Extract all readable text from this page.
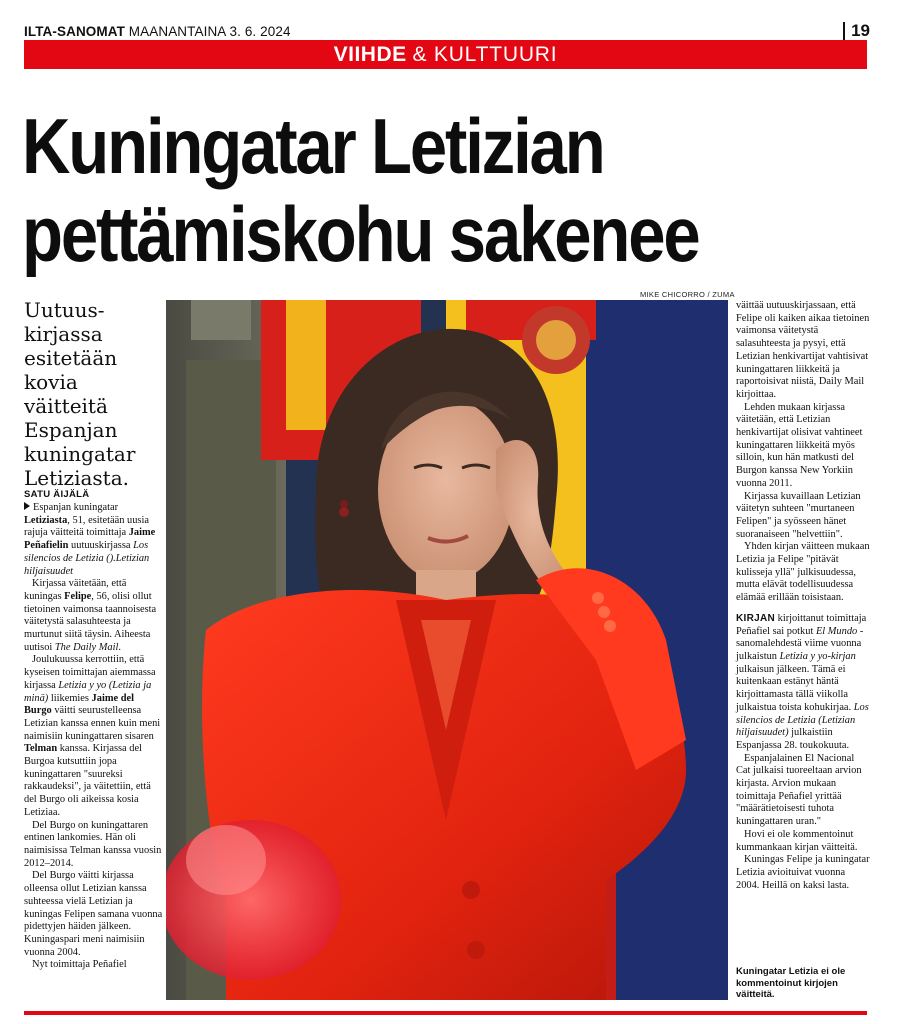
ILTA-SANOMAT MAANANTAINA 3. 6. 2024	19
VIIHDE & KULTTUURI
Kuningatar Letizian
pettämiskohu sakenee
Uutuus-
kirjassa
esitetään
kovia
väitteitä
Espanjan
kuningatar
Letiziasta.
SATU ÄIJÄLÄ

Espanjan kuningatar Letiziasta, 51, esitetään uusia rajuja väitteitä toimittaja Jaime Peñafielin uutuuskirjassa Los silencios de Letizia ().Letizian hiljaisuudet

Kirjassa väitetään, että kuningas Felipe, 56, olisi ollut tietoinen vaimonsa taannoisesta väitetystä salasuhteesta ja murtunut siitä täysin. Aiheesta uutisoi The Daily Mail.

Joulukuussa kerrottiin, että kyseisen toimittajan aiemmassa kirjassa Letizia y yo (Letizia ja minä) liikemies Jaime del Burgo väitti seurustelleensa Letizian kanssa ennen kuin meni naimisiin kuningattaren sisaren Telman kanssa. Kirjassa del Burgoa kutsuttiin jopa kuningattaren "suureksi rakkaudeksi", ja väitettiin, että del Burgo oli aikeissa kosia Letiziaa.

Del Burgo on kuningattaren entinen lankomies. Hän oli naimisissa Telman kanssa vuosin 2012–2014.

Del Burgo väitti kirjassa olleensa ollut Letizian kanssa suhteessa vielä Letizian ja kuningas Felipen samana vuonna pidettyjen häiden jälkeen. Kuningaspari meni naimisiin vuonna 2004.

Nyt toimittaja Peñafiel

MIKE CHICORRO / ZUMA

väittää uutuuskirjassaan, että Felipe oli kaiken aikaa tietoinen vaimonsa väitetystä salasuhteesta ja pysyi, että Letizian henkivartijat vahtisivat kuningattaren liikkeitä ja raportoisivat niistä, Daily Mail kirjoittaa.

Lehden mukaan kirjassa väitetään, että Letizian henkivartijat olisivat vahtineet kuningattaren liikkeitä myös silloin, kun hän matkusti del Burgon kanssa New Yorkiin vuonna 2011.

Kirjassa kuvaillaan Letizian väitetyn suhteen "murtaneen Felipen" ja syösseen hänet suoranaiseen "helvettiin".

Yhden kirjan väitteen mukaan Letizia ja Felipe "pitävät kulisseja yllä" julkisuudessa, mutta elävät todellisuudessa elämää erillään toisistaan.

KIRJAN kirjoittanut toimittaja Peñafiel sai potkut El Mundo -sanomalehdestä viime vuonna julkaistun Letizia y yo-kirjan julkaisun jälkeen. Tämä ei kuitenkaan estänyt häntä kirjoittamasta tällä viikolla julkaistua toista kohukirjaa. Los silencios de Letizia (Letizian hiljaisuudet) julkaistiin Espanjassa 28. toukokuuta.

Espanjalainen El Nacional Cat julkaisi tuoreeltaan arvion kirjasta. Arvion mukaan toimittaja Peñafiel yrittää "määrätietoisesti tuhota kuningattaren uran."

Hovi ei ole kommentoinut kummankaan kirjan väitteitä.

Kuningas Felipe ja kuningatar Letizia avioituivat vuonna 2004. Heillä on kaksi lasta.

Kuningatar Letizia ei ole kommentoinut kirjojen väitteitä.
